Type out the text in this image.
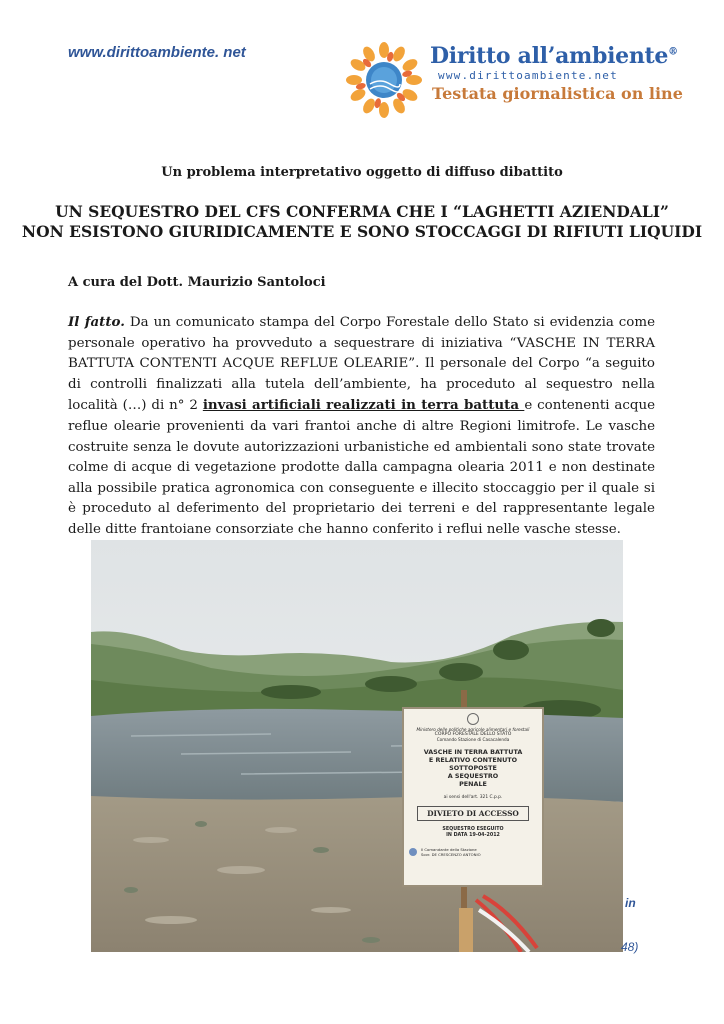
www.dirittoambiente. net	Diritto all’ambiente®
www.dirittoambiente.net
Testata giornalistica on line
Un problema interpretativo oggetto di diffuso dibattito
UN SEQUESTRO DEL CFS CONFERMA CHE I “LAGHETTI AZIENDALI”
NON ESISTONO GIURIDICAMENTE E SONO STOCCAGGI DI RIFIUTI LIQUIDI
A cura del Dott. Maurizio Santoloci
Il fatto. Da un comunicato stampa del Corpo Forestale dello Stato si evidenzia come personale operativo ha provveduto a sequestrare di iniziativa “VASCHE IN TERRA BATTUTA CONTENTI ACQUE REFLUE OLEARIE”. Il personale del Corpo “a seguito di controlli finalizzati alla tutela dell’ambiente, ha proceduto al sequestro nella località (…) di n° 2 invasi artificiali realizzati in terra battuta e contenenti acque reflue olearie provenienti da vari frantoi anche di altre Regioni limitrofe. Le vasche costruite senza le dovute autorizzazioni urbanistiche ed ambientali sono state trovate colme di acque di vegetazione prodotte dalla campagna olearia 2011 e non destinate alla possibile pratica agronomica con conseguente e illecito stoccaggio per il quale si è proceduto al deferimento del proprietario dei terreni e del rappresentante legale delle ditte frantoiane consorziate che hanno conferito i reflui nelle vasche stesse.
Ministero delle politiche agricole alimentari e forestali
CORPO FORESTALE DELLO STATO
Comando Stazione di Casacalenda
VASCHE IN TERRA BATTUTA
E RELATIVO CONTENUTO
SOTTOPOSTE
A SEQUESTRO
PENALE
ai sensi dell'art. 321 C.p.p.
DIVIETO DI ACCESSO
SEQUESTRO ESEGUITO
IN DATA 19-04-2012
Il Comandante della Stazione
Sovr. DE CRESCENZO ANTONIO
in
48)
